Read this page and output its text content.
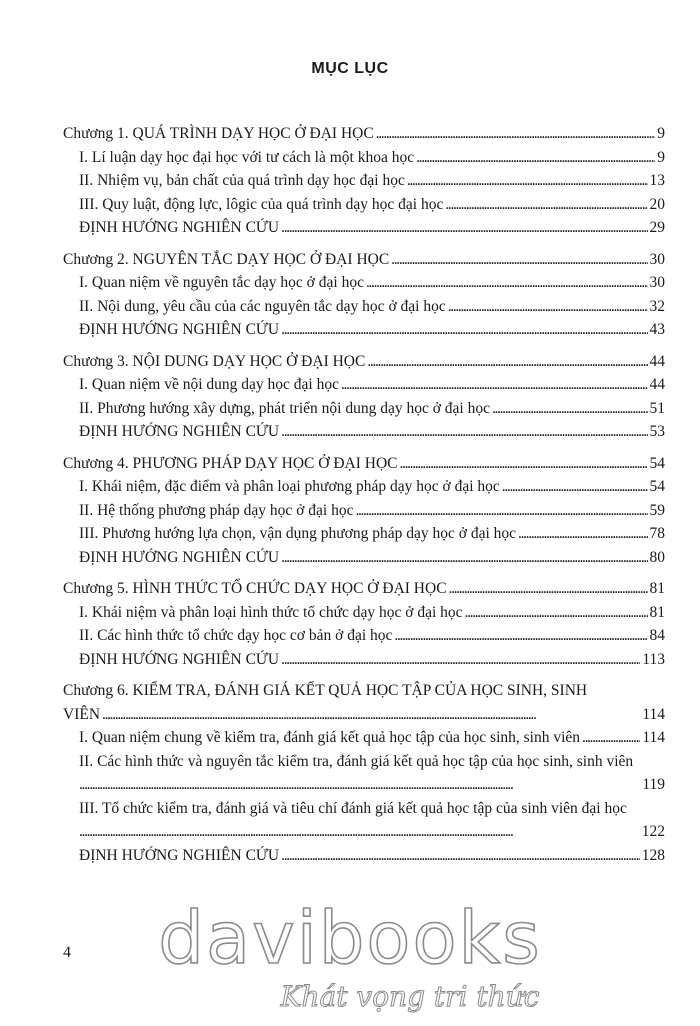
MỤC LỤC
Chương 1. QUÁ TRÌNH DẠY HỌC Ở ĐẠI HỌC . . .	9
I. Lí luận dạy học đại học với tư cách là một khoa học . . .	9
II. Nhiệm vụ, bản chất của quá trình dạy học đại học . . .	13
III. Quy luật, động lực, lôgic của quá trình dạy học đại học . . .	20
ĐỊNH HƯỚNG NGHIÊN CỨU . . .	29
Chương 2. NGUYÊN TẮC DẠY HỌC Ở ĐẠI HỌC . . .	30
I. Quan niệm về nguyên tắc dạy học ở đại học . . .	30
II. Nội dung, yêu cầu của các nguyên tắc dạy học ở đại học . . .	32
ĐỊNH HƯỚNG NGHIÊN CỨU . . .	43
Chương 3. NỘI DUNG DẠY HỌC Ở ĐẠI HỌC . . .	44
I. Quan niệm về nội dung dạy học đại học . . .	44
II. Phương hướng xây dựng, phát triển nội dung dạy học ở đại học . . .	51
ĐỊNH HƯỚNG NGHIÊN CỨU . . .	53
Chương 4. PHƯƠNG PHÁP DẠY HỌC Ở ĐẠI HỌC . . .	54
I. Khái niệm, đặc điểm và phân loại phương pháp dạy học ở đại học . . .	54
II. Hệ thống phương pháp dạy học ở đại học . . .	59
III. Phương hướng lựa chọn, vận dụng phương pháp dạy học ở đại học . . .	78
ĐỊNH HƯỚNG NGHIÊN CỨU . . .	80
Chương 5. HÌNH THỨC TỔ CHỨC DẠY HỌC Ở ĐẠI HỌC . . .	81
I. Khái niệm và phân loại hình thức tổ chức dạy học ở đại học . . .	81
II. Các hình thức tổ chức dạy học cơ bản ở đại học . . .	84
ĐỊNH HƯỚNG NGHIÊN CỨU . . .	113
Chương 6. KIỂM TRA, ĐÁNH GIÁ KẾT QUẢ HỌC TẬP CỦA HỌC SINH, SINH
VIÊN . . .	114
I. Quan niệm chung về kiểm tra, đánh giá kết quả học tập của học sinh, sinh viên . . .	114
II. Các hình thức và nguyên tắc kiểm tra, đánh giá kết quả học tập của học sinh, sinh viên
. . .
119
III. Tổ chức kiểm tra, đánh giá và tiêu chí đánh giá kết quả học tập của sinh viên đại học
. . .
122
ĐỊNH HƯỚNG NGHIÊN CỨU . . .	128
4	davibooks
Khát vọng tri thức
